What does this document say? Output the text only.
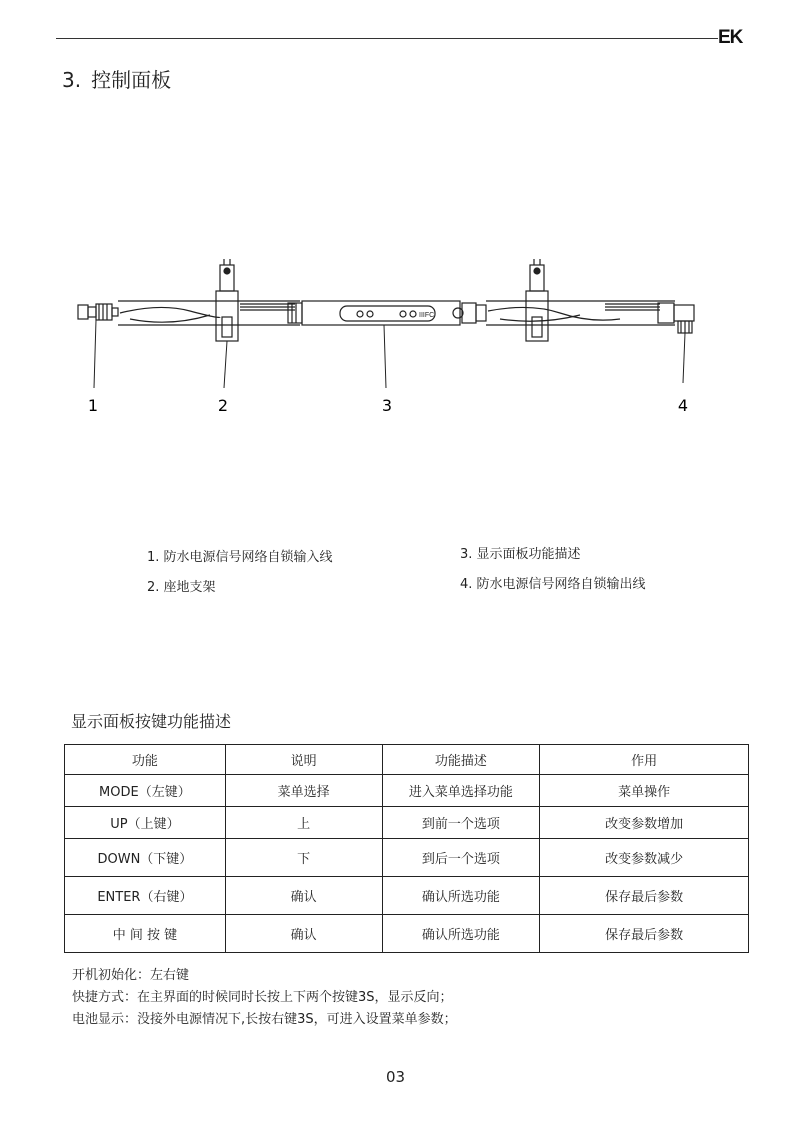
EK
3. 控制面板
IIIFC
1	2	3	4
1. 防水电源信号网络自锁输入线	3. 显示面板功能描述
2. 座地支架	4. 防水电源信号网络自锁输出线
显示面板按键功能描述
功能	说明	功能描述	作用
MODE（左键）	菜单选择	进入菜单选择功能	菜单操作
UP（上键）	上	到前一个选项	改变参数增加
DOWN（下键）	下	到后一个选项	改变参数减少
ENTER（右键）	确认	确认所选功能	保存最后参数
中 间 按 键	确认	确认所选功能	保存最后参数
开机初始化：左右键
快捷方式：在主界面的时候同时长按上下两个按键3S，显示反向；
电池显示：没接外电源情况下,长按右键3S，可进入设置菜单参数；
03
